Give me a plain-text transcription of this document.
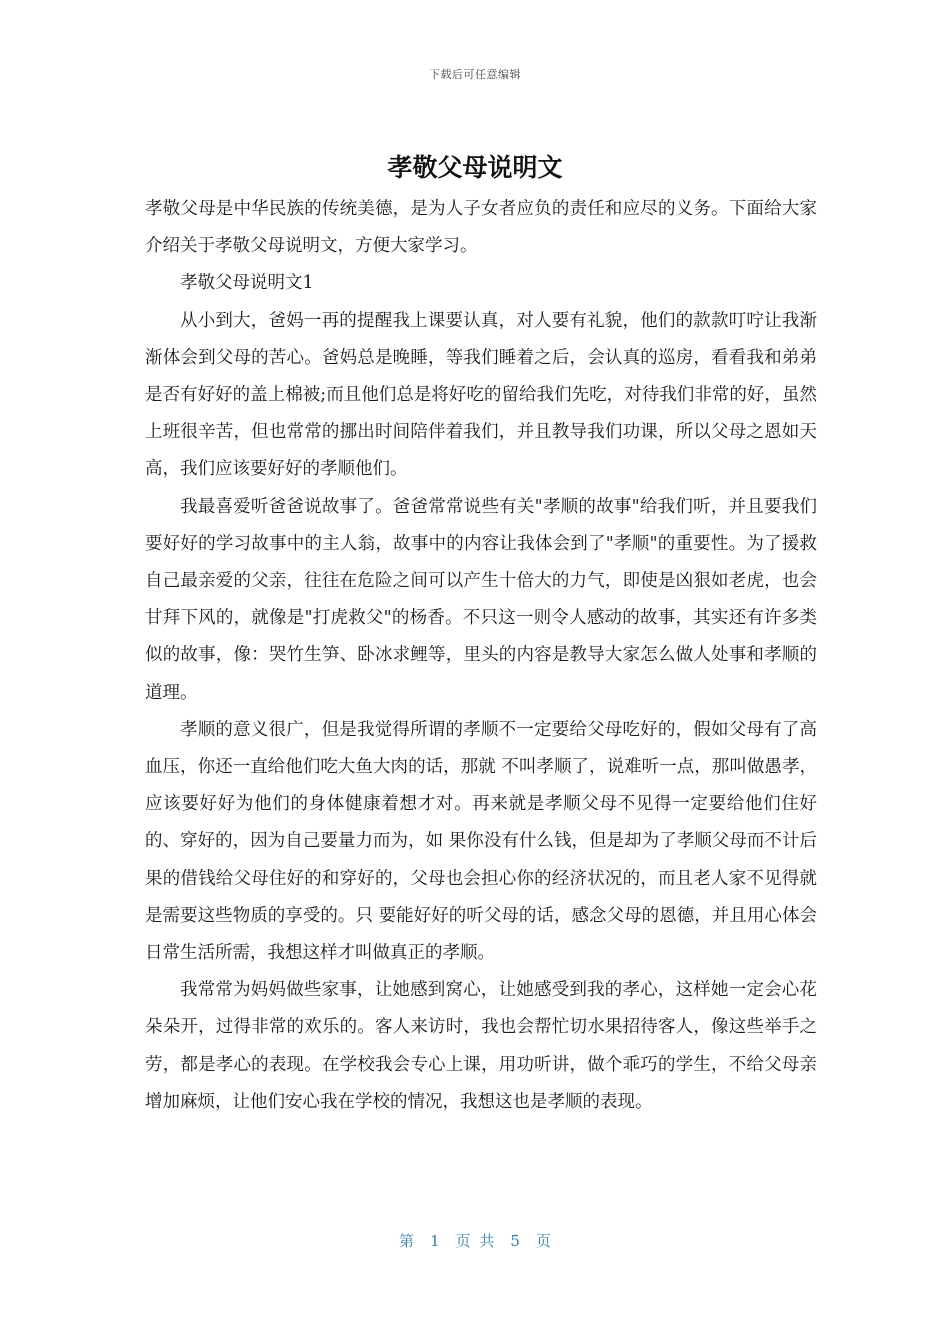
下载后可任意编辑
孝敬父母说明文

孝敬父母是中华民族的传统美德，是为人子女者应负的责任和应尽的义务。下面给大家介绍关于孝敬父母说明文，方便大家学习。

孝敬父母说明文1

从小到大，爸妈一再的提醒我上课要认真，对人要有礼貌，他们的款款叮咛让我渐渐体会到父母的苦心。爸妈总是晚睡，等我们睡着之后，会认真的巡房，看看我和弟弟是否有好好的盖上棉被;而且他们总是将好吃的留给我们先吃，对待我们非常的好，虽然上班很辛苦，但也常常的挪出时间陪伴着我们，并且教导我们功课，所以父母之恩如天高，我们应该要好好的孝顺他们。

我最喜爱听爸爸说故事了。爸爸常常说些有关"孝顺的故事"给我们听，并且要我们要好好的学习故事中的主人翁，故事中的内容让我体会到了"孝顺"的重要性。为了援救自己最亲爱的父亲，往往在危险之间可以产生十倍大的力气，即使是凶狠如老虎，也会甘拜下风的，就像是"打虎救父"的杨香。不只这一则令人感动的故事，其实还有许多类似的故事，像：哭竹生笋、卧冰求鲤等，里头的内容是教导大家怎么做人处事和孝顺的道理。

孝顺的意义很广，但是我觉得所谓的孝顺不一定要给父母吃好的，假如父母有了高血压，你还一直给他们吃大鱼大肉的话，那就 不叫孝顺了，说难听一点，那叫做愚孝，应该要好好为他们的身体健康着想才对。再来就是孝顺父母不见得一定要给他们住好的、穿好的，因为自己要量力而为，如 果你没有什么钱，但是却为了孝顺父母而不计后果的借钱给父母住好的和穿好的，父母也会担心你的经济状况的，而且老人家不见得就是需要这些物质的享受的。只 要能好好的听父母的话，感念父母的恩德，并且用心体会日常生活所需，我想这样才叫做真正的孝顺。

我常常为妈妈做些家事，让她感到窝心，让她感受到我的孝心，这样她一定会心花朵朵开，过得非常的欢乐的。客人来访时，我也会帮忙切水果招待客人，像这些举手之劳，都是孝心的表现。在学校我会专心上课，用功听讲，做个乖巧的学生，不给父母亲增加麻烦，让他们安心我在学校的情况，我想这也是孝顺的表现。

第 1 页 共 5 页
